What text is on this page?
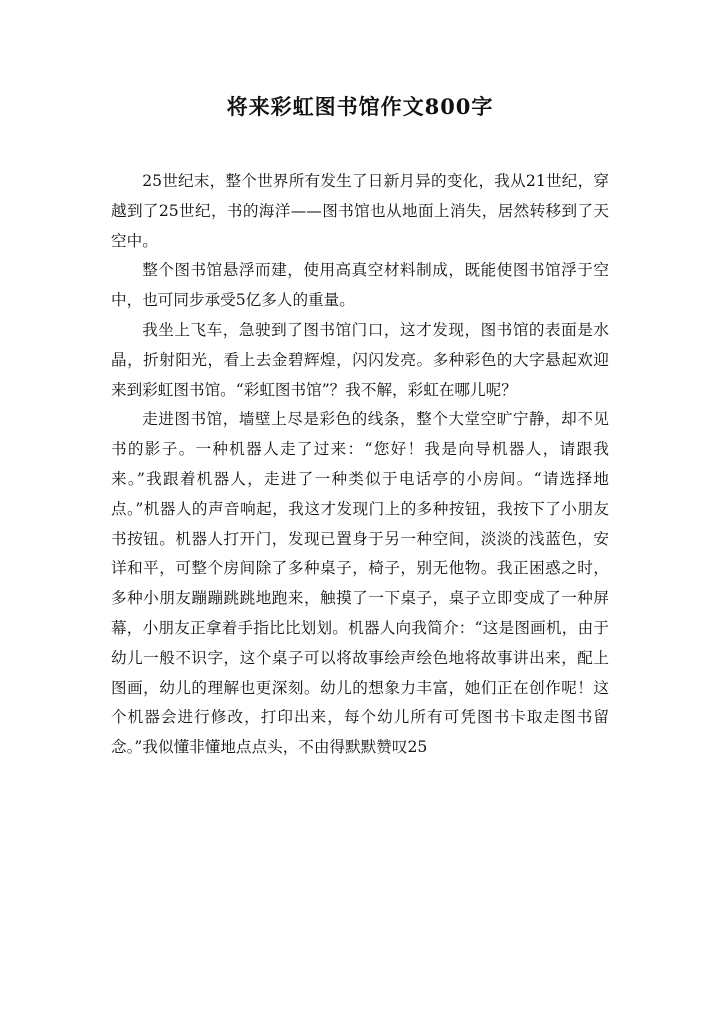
将来彩虹图书馆作文800字

25世纪末，整个世界所有发生了日新月异的变化，我从21世纪，穿越到了25世纪，书的海洋——图书馆也从地面上消失，居然转移到了天空中。

整个图书馆悬浮而建，使用高真空材料制成，既能使图书馆浮于空中，也可同步承受5亿多人的重量。

我坐上飞车，急驶到了图书馆门口，这才发现，图书馆的表面是水晶，折射阳光，看上去金碧辉煌，闪闪发亮。多种彩色的大字悬起欢迎来到彩虹图书馆。“彩虹图书馆”？我不解，彩虹在哪儿呢？

走进图书馆，墙壁上尽是彩色的线条，整个大堂空旷宁静，却不见书的影子。一种机器人走了过来：“您好！我是向导机器人，请跟我来。”我跟着机器人，走进了一种类似于电话亭的小房间。“请选择地点。”机器人的声音响起，我这才发现门上的多种按钮，我按下了小朋友书按钮。机器人打开门，发现已置身于另一种空间，淡淡的浅蓝色，安详和平，可整个房间除了多种桌子，椅子，别无他物。我正困惑之时，多种小朋友蹦蹦跳跳地跑来，触摸了一下桌子，桌子立即变成了一种屏幕，小朋友正拿着手指比比划划。机器人向我简介：“这是图画机，由于幼儿一般不识字，这个桌子可以将故事绘声绘色地将故事讲出来，配上图画，幼儿的理解也更深刻。幼儿的想象力丰富，她们正在创作呢！这个机器会进行修改，打印出来，每个幼儿所有可凭图书卡取走图书留念。”我似懂非懂地点点头，不由得默默赞叹25
